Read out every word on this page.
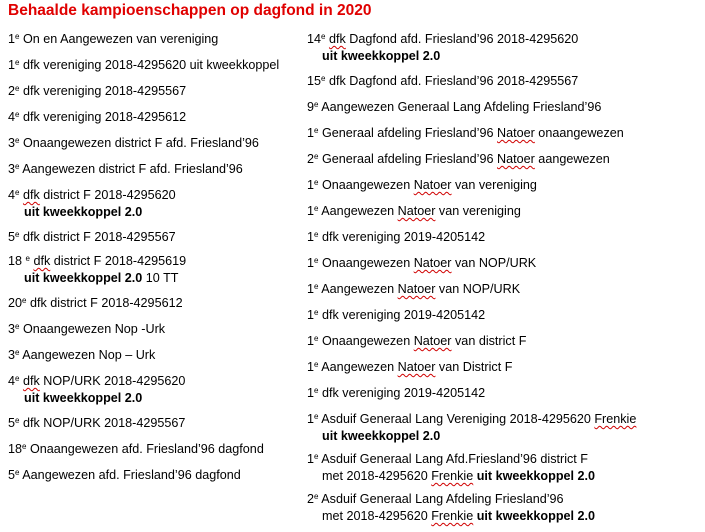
Behaalde kampioenschappen op dagfond in 2020
1e On en Aangewezen van vereniging
1e dfk vereniging 2018-4295620 uit kweekkoppel
2e dfk vereniging 2018-4295567
4e dfk vereniging 2018-4295612
3e Onaangewezen district F afd. Friesland’96
3e Aangewezen district F afd. Friesland’96
4e dfk district F 2018-4295620
uit kweekkoppel 2.0
5e dfk district F 2018-4295567
18 $^e$ dfk district F 2018-4295619
uit kweekkoppel 2.0 10 TT
20e dfk district F 2018-4295612
3e Onaangewezen Nop -Urk
3e Aangewezen Nop – Urk
4e dfk NOP/URK 2018-4295620
uit kweekkoppel 2.0
5e dfk NOP/URK 2018-4295567
18e Onaangewezen afd. Friesland’96 dagfond
5e Aangewezen afd. Friesland’96 dagfond
14e dfk Dagfond afd. Friesland’96 2018-4295620
uit kweekkoppel 2.0
15e dfk Dagfond afd. Friesland’96 2018-4295567
9e Aangewezen Generaal Lang Afdeling Friesland’96
1e Generaal afdeling Friesland’96 Natoer onaangewezen
2e Generaal afdeling Friesland’96 Natoer aangewezen
1e Onaangewezen Natoer van vereniging
1e Aangewezen Natoer van vereniging
1e dfk vereniging 2019-4205142
1e Onaangewezen Natoer van NOP/URK
1e Aangewezen Natoer van NOP/URK
1e dfk vereniging 2019-4205142
1e Onaangewezen Natoer van district F
1e Aangewezen Natoer van District F
1e dfk vereniging 2019-4205142
1e Asduif Generaal Lang Vereniging 2018-4295620 Frenkie
uit kweekkoppel 2.0
1e Asduif Generaal Lang Afd.Friesland’96 district F
met 2018-4295620 Frenkie uit kweekkoppel 2.0
2e Asduif Generaal Lang Afdeling Friesland’96
met 2018-4295620 Frenkie uit kweekkoppel 2.0
